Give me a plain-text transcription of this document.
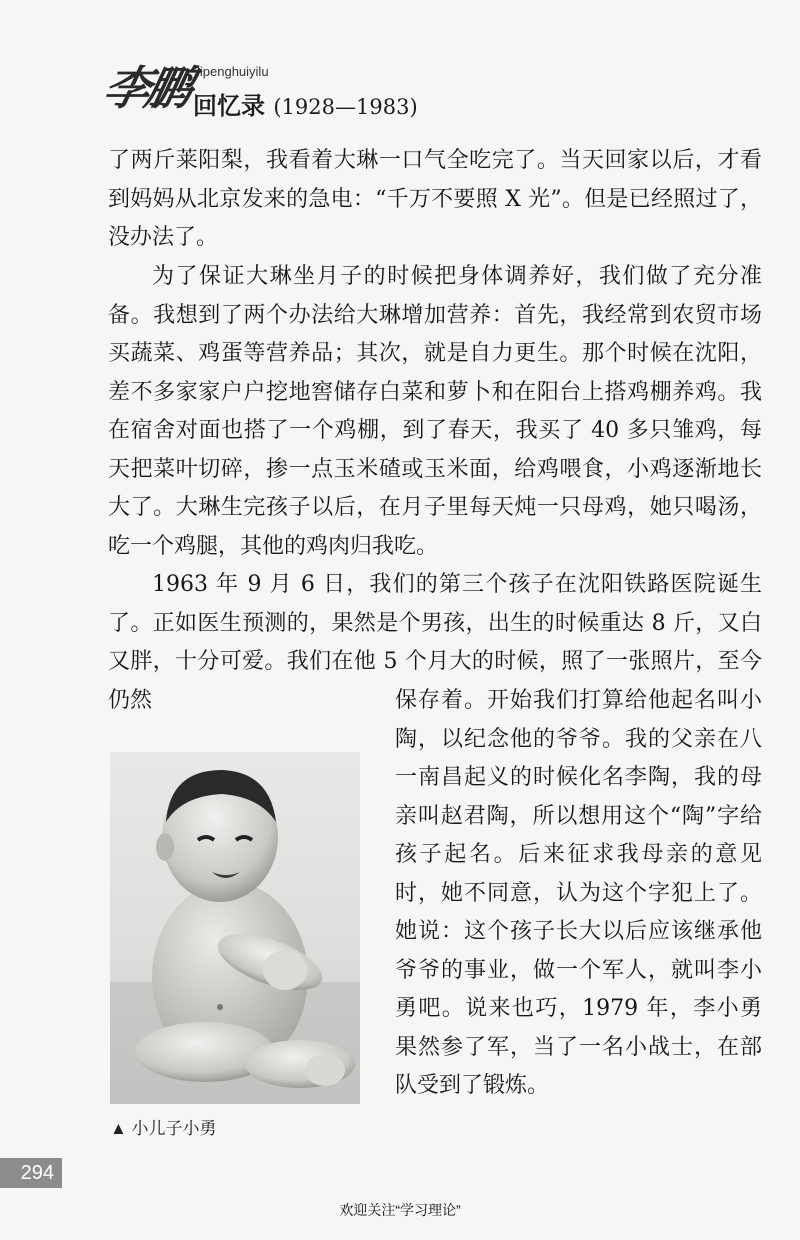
李鹏 lipenghuiyilu
回忆录 (1928—1983)

了两斤莱阳梨，我看着大琳一口气全吃完了。当天回家以后，才看到妈妈从北京发来的急电：“千万不要照 X 光”。但是已经照过了，没办法了。

为了保证大琳坐月子的时候把身体调养好，我们做了充分准备。我想到了两个办法给大琳增加营养：首先，我经常到农贸市场买蔬菜、鸡蛋等营养品；其次，就是自力更生。那个时候在沈阳，差不多家家户户挖地窖储存白菜和萝卜和在阳台上搭鸡棚养鸡。我在宿舍对面也搭了一个鸡棚，到了春天，我买了 40 多只雏鸡，每天把菜叶切碎，掺一点玉米碴或玉米面，给鸡喂食，小鸡逐渐地长大了。大琳生完孩子以后，在月子里每天炖一只母鸡，她只喝汤，吃一个鸡腿，其他的鸡肉归我吃。

1963 年 9 月 6 日，我们的第三个孩子在沈阳铁路医院诞生了。正如医生预测的，果然是个男孩，出生的时候重达 8 斤，又白又胖，十分可爱。我们在他 5 个月大的时候，照了一张照片，至今仍然	保存着。开始我们打算给他起名叫小陶，以纪念他的爷爷。我的父亲在八一南昌起义的时候化名李陶，我的母亲叫赵君陶，所以想用这个“陶”字给孩子起名。后来征求我母亲的意见时，她不同意，认为这个字犯上了。她说：这个孩子长大以后应该继承他爷爷的事业，做一个军人，就叫李小勇吧。说来也巧，1979 年，李小勇果然参了军，当了一名小战士，在部队受到了锻炼。

▲ 小儿子小勇
294
欢迎关注“学习理论”
